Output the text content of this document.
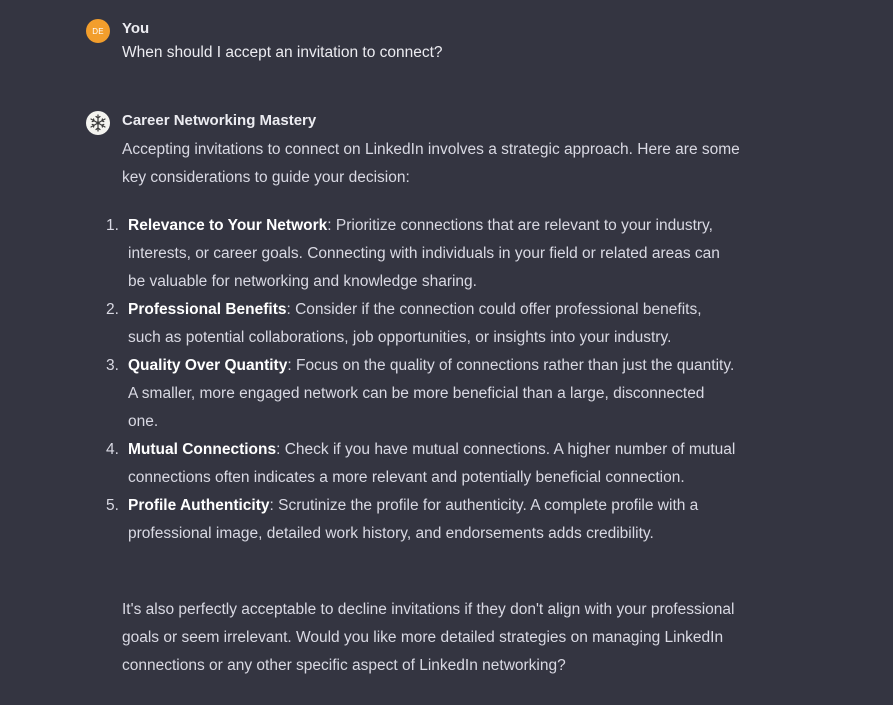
DE You
When should I accept an invitation to connect?
Career Networking Mastery
Accepting invitations to connect on LinkedIn involves a strategic approach. Here are some key considerations to guide your decision:
1. Relevance to Your Network: Prioritize connections that are relevant to your industry, interests, or career goals. Connecting with individuals in your field or related areas can be valuable for networking and knowledge sharing.
2. Professional Benefits: Consider if the connection could offer professional benefits, such as potential collaborations, job opportunities, or insights into your industry.
3. Quality Over Quantity: Focus on the quality of connections rather than just the quantity. A smaller, more engaged network can be more beneficial than a large, disconnected one.
4. Mutual Connections: Check if you have mutual connections. A higher number of mutual connections often indicates a more relevant and potentially beneficial connection.
5. Profile Authenticity: Scrutinize the profile for authenticity. A complete profile with a professional image, detailed work history, and endorsements adds credibility.
It's also perfectly acceptable to decline invitations if they don't align with your professional goals or seem irrelevant. Would you like more detailed strategies on managing LinkedIn connections or any other specific aspect of LinkedIn networking?
